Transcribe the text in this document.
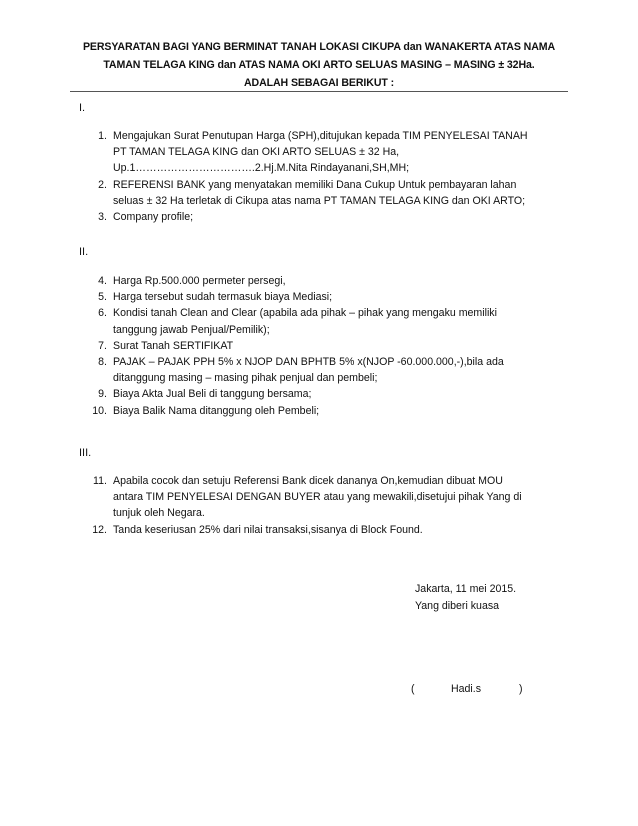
PERSYARATAN BAGI YANG BERMINAT TANAH LOKASI CIKUPA dan WANAKERTA ATAS NAMA
TAMAN TELAGA KING dan ATAS NAMA OKI ARTO SELUAS MASING – MASING ± 32Ha.
ADALAH SEBAGAI BERIKUT :
I.
1. Mengajukan Surat Penutupan Harga (SPH),ditujukan kepada TIM PENYELESAI TANAH
PT TAMAN TELAGA KING dan OKI ARTO SELUAS ± 32 Ha,
Up.1…………………………….2.Hj.M.Nita Rindayanani,SH,MH;
2. REFERENSI BANK yang menyatakan memiliki Dana Cukup Untuk pembayaran lahan
seluas ± 32 Ha terletak di Cikupa atas nama PT TAMAN TELAGA KING dan OKI ARTO;
3. Company profile;
II.
4. Harga Rp.500.000 permeter persegi,
5. Harga tersebut sudah termasuk biaya Mediasi;
6. Kondisi tanah Clean and Clear (apabila ada pihak – pihak yang mengaku memiliki
tanggung jawab Penjual/Pemilik);
7. Surat Tanah SERTIFIKAT
8. PAJAK – PAJAK PPH 5% x NJOP DAN BPHTB 5% x(NJOP -60.000.000,-),bila ada
ditanggung masing – masing pihak penjual dan pembeli;
9. Biaya Akta Jual Beli di tanggung bersama;
10. Biaya Balik Nama ditanggung oleh Pembeli;
III.
11. Apabila cocok dan setuju Referensi Bank dicek dananya On,kemudian dibuat MOU
antara TIM PENYELESAI DENGAN BUYER atau yang mewakili,disetujui pihak Yang di
tunjuk oleh Negara.
12. Tanda keseriusan 25% dari nilai transaksi,sisanya di Block Found.
Jakarta, 11 mei 2015.
Yang diberi kuasa
(	Hadi.s	)
